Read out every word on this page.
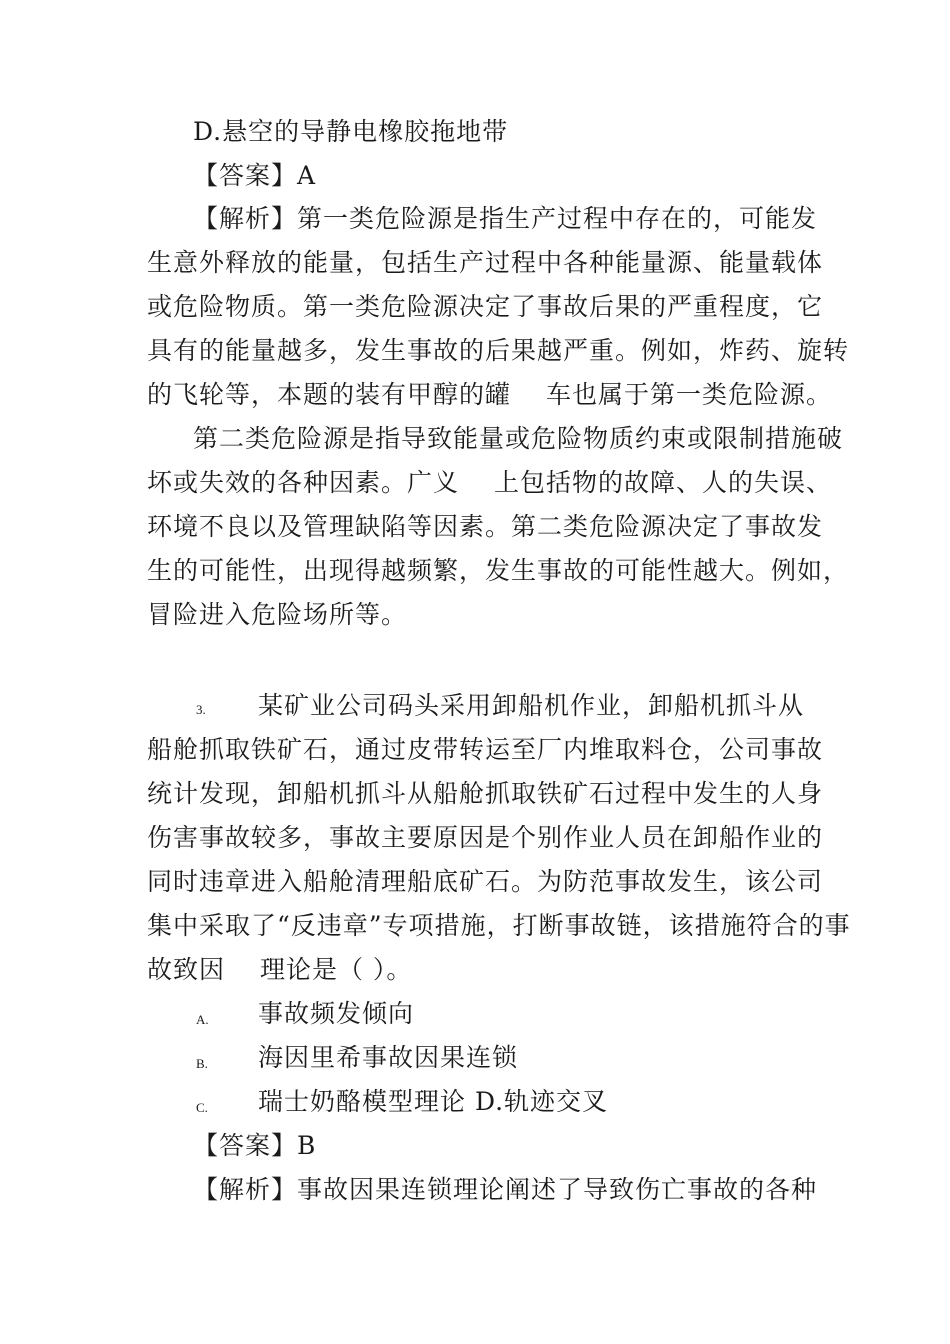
D.悬空的导静电橡胶拖地带
【答案】A
【解析】第一类危险源是指生产过程中存在的，可能发
生意外释放的能量，包括生产过程中各种能量源、能量载体
或危险物质。第一类危险源决定了事故后果的严重程度，它
具有的能量越多，发生事故的后果越严重。例如，炸药、旋转
的飞轮等，本题的装有甲醇的罐　 车也属于第一类危险源。
第二类危险源是指导致能量或危险物质约束或限制措施破
坏或失效的各种因素。广义　 上包括物的故障、人的失误、
环境不良以及管理缺陷等因素。第二类危险源决定了事故发
生的可能性，出现得越频繁，发生事故的可能性越大。例如，
冒险进入危险场所等。
3. 某矿业公司码头采用卸船机作业，卸船机抓斗从
船舱抓取铁矿石，通过皮带转运至厂内堆取料仓，公司事故
统计发现，卸船机抓斗从船舱抓取铁矿石过程中发生的人身
伤害事故较多，事故主要原因是个别作业人员在卸船作业的
同时违章进入船舱清理船底矿石。为防范事故发生，该公司
集中采取了“反违章”专项措施，打断事故链，该措施符合的事
故致因　 理论是（ ）。
A. 事故频发倾向
B. 海因里希事故因果连锁
C. 瑞士奶酪模型理论 D.轨迹交叉
【答案】B
【解析】事故因果连锁理论阐述了导致伤亡事故的各种
